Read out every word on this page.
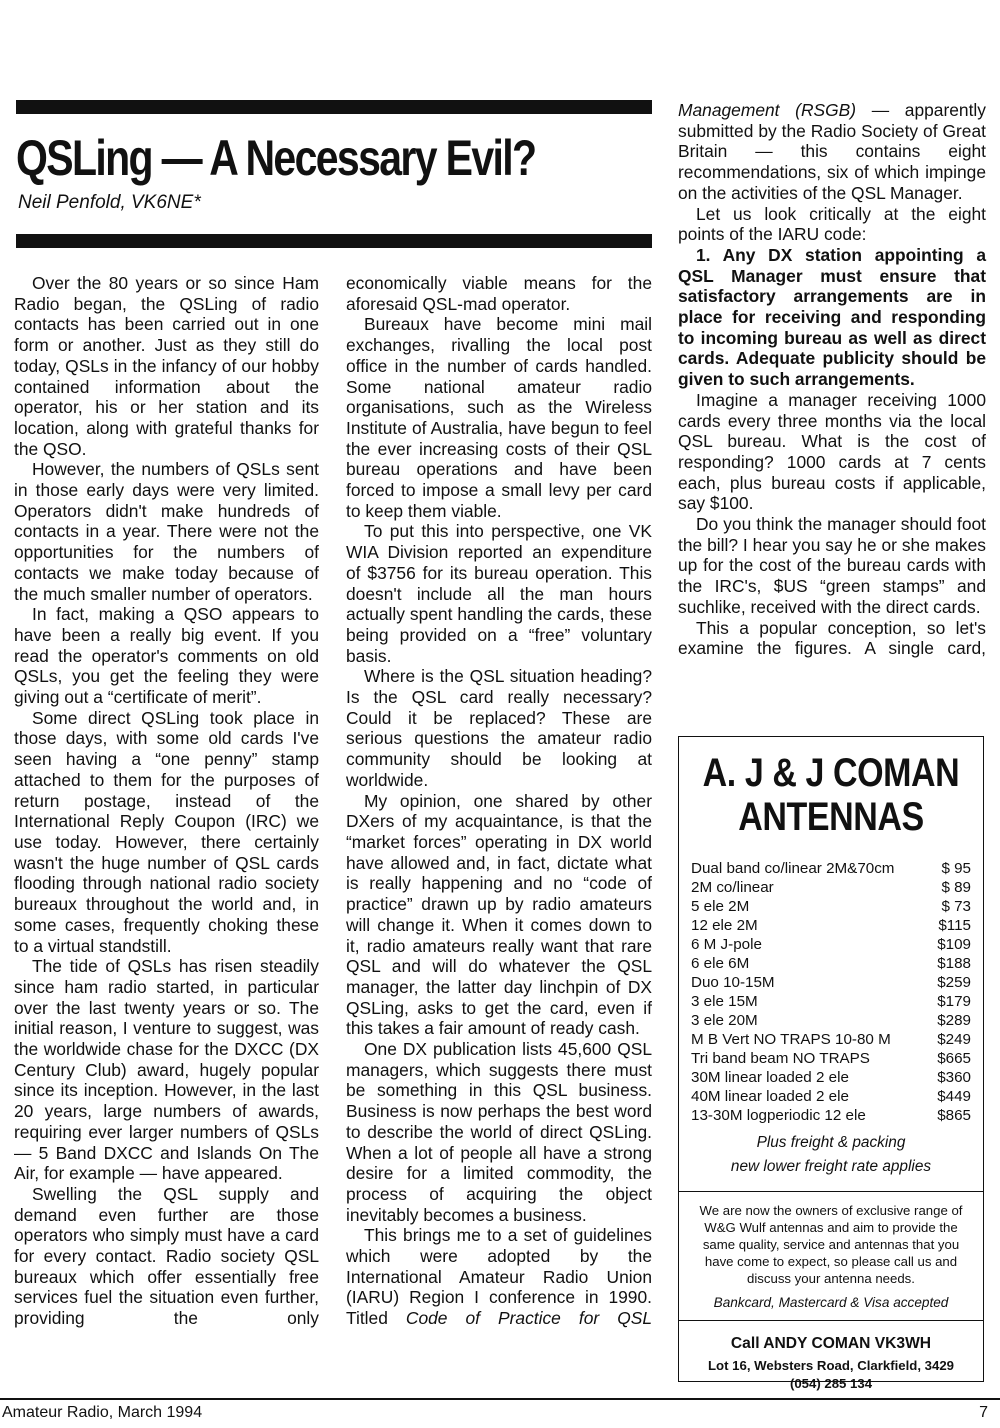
QSLing — A Necessary Evil?
Neil Penfold, VK6NE*

Over the 80 years or so since Ham Radio began, the QSLing of radio contacts has been carried out in one form or another. Just as they still do today, QSLs in the infancy of our hobby contained information about the operator, his or her station and its location, along with grateful thanks for the QSO.

However, the numbers of QSLs sent in those early days were very limited. Operators didn't make hundreds of contacts in a year. There were not the opportunities for the numbers of contacts we make today because of the much smaller number of operators.

In fact, making a QSO appears to have been a really big event. If you read the operator's comments on old QSLs, you get the feeling they were giving out a “certificate of merit”.

Some direct QSLing took place in those days, with some old cards I've seen having a “one penny” stamp attached to them for the purposes of return postage, instead of the International Reply Coupon (IRC) we use today. However, there certainly wasn't the huge number of QSL cards flooding through national radio society bureaux throughout the world and, in some cases, frequently choking these to a virtual standstill.

The tide of QSLs has risen steadily since ham radio started, in particular over the last twenty years or so. The initial reason, I venture to suggest, was the worldwide chase for the DXCC (DX Century Club) award, hugely popular since its inception. However, in the last 20 years, large numbers of awards, requiring ever larger numbers of QSLs — 5 Band DXCC and Islands On The Air, for example — have appeared.

Swelling the QSL supply and demand even further are those operators who simply must have a card for every contact. Radio society QSL bureaux which offer essentially free services fuel the situation even further, providing the only

economically viable means for the aforesaid QSL-mad operator.

Bureaux have become mini mail exchanges, rivalling the local post office in the number of cards handled. Some national amateur radio organisations, such as the Wireless Institute of Australia, have begun to feel the ever increasing costs of their QSL bureau operations and have been forced to impose a small levy per card to keep them viable.

To put this into perspective, one VK WIA Division reported an expenditure of $3756 for its bureau operation. This doesn't include all the man hours actually spent handling the cards, these being provided on a “free” voluntary basis.

Where is the QSL situation heading? Is the QSL card really necessary? Could it be replaced? These are serious questions the amateur radio community should be looking at worldwide.

My opinion, one shared by other DXers of my acquaintance, is that the “market forces” operating in DX world have allowed and, in fact, dictate what is really happening and no “code of practice” drawn up by radio amateurs will change it. When it comes down to it, radio amateurs really want that rare QSL and will do whatever the QSL manager, the latter day linchpin of DX QSLing, asks to get the card, even if this takes a fair amount of ready cash.

One DX publication lists 45,600 QSL managers, which suggests there must be something in this QSL business. Business is now perhaps the best word to describe the world of direct QSLing. When a lot of people all have a strong desire for a limited commodity, the process of acquiring the object inevitably becomes a business.

This brings me to a set of guidelines which were adopted by the International Amateur Radio Union (IARU) Region I conference in 1990. Titled Code of Practice for QSL

Management (RSGB) — apparently submitted by the Radio Society of Great Britain — this contains eight recommendations, six of which impinge on the activities of the QSL Manager.

Let us look critically at the eight points of the IARU code:

1. Any DX station appointing a QSL Manager must ensure that satisfactory arrangements are in place for receiving and responding to incoming bureau as well as direct cards. Adequate publicity should be given to such arrangements.

Imagine a manager receiving 1000 cards every three months via the local QSL bureau. What is the cost of responding? 1000 cards at 7 cents each, plus bureau costs if applicable, say $100.

Do you think the manager should foot the bill? I hear you say he or she makes up for the cost of the bureau cards with the IRC's, $US “green stamps” and suchlike, received with the direct cards.

This a popular conception, so let's examine the figures. A single card,

A. J & J COMAN
ANTENNAS
Dual band co/linear 2M&70cm	$ 95
2M co/linear	$ 89
5 ele 2M	$ 73
12 ele 2M	$115
6 M J-pole	$109
6 ele 6M	$188
Duo 10-15M	$259
3 ele 15M	$179
3 ele 20M	$289
M B Vert NO TRAPS 10-80 M	$249
Tri band beam NO TRAPS	$665
30M linear loaded 2 ele	$360
40M linear loaded 2 ele	$449
13-30M logperiodic 12 ele	$865
Plus freight & packing
new lower freight rate applies
We are now the owners of exclusive range of W&G Wulf antennas and aim to provide the same quality, service and antennas that you have come to expect, so please call us and discuss your antenna needs.
Bankcard, Mastercard & Visa accepted
Call ANDY COMAN VK3WH
Lot 16, Websters Road, Clarkfield, 3429
(054) 285 134
Amateur Radio, March 1994	7
